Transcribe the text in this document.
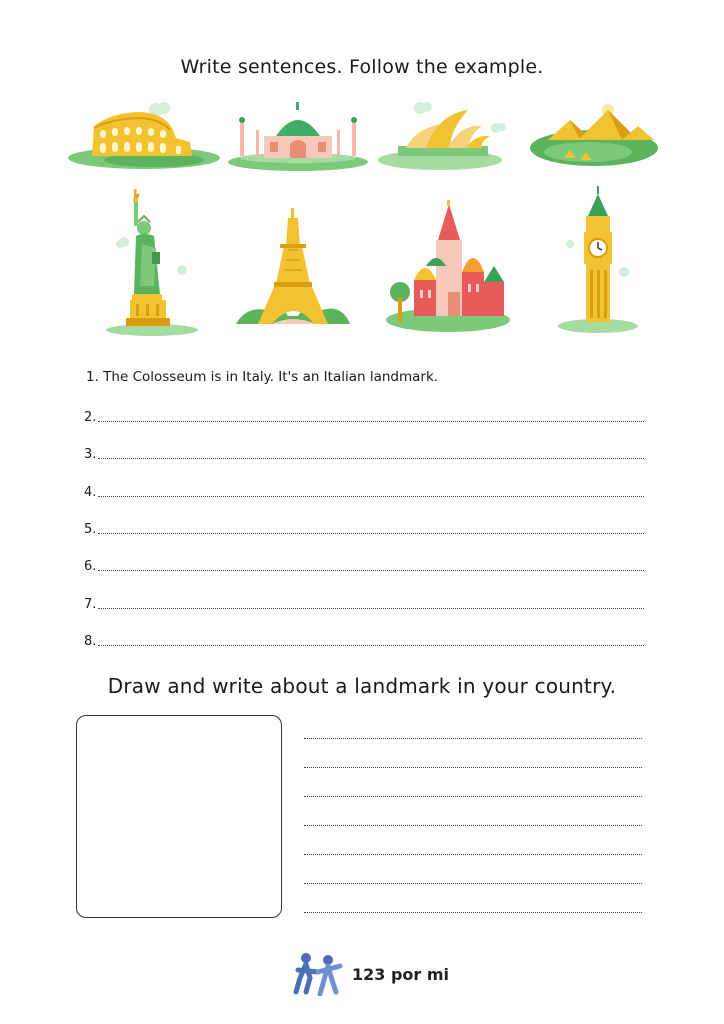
Write sentences. Follow the example.
1. The Colosseum is in Italy. It's an Italian landmark.
2.
3.
4.
5.
6.
7.
8.
Draw and write about a landmark in your country.
123 por mi
